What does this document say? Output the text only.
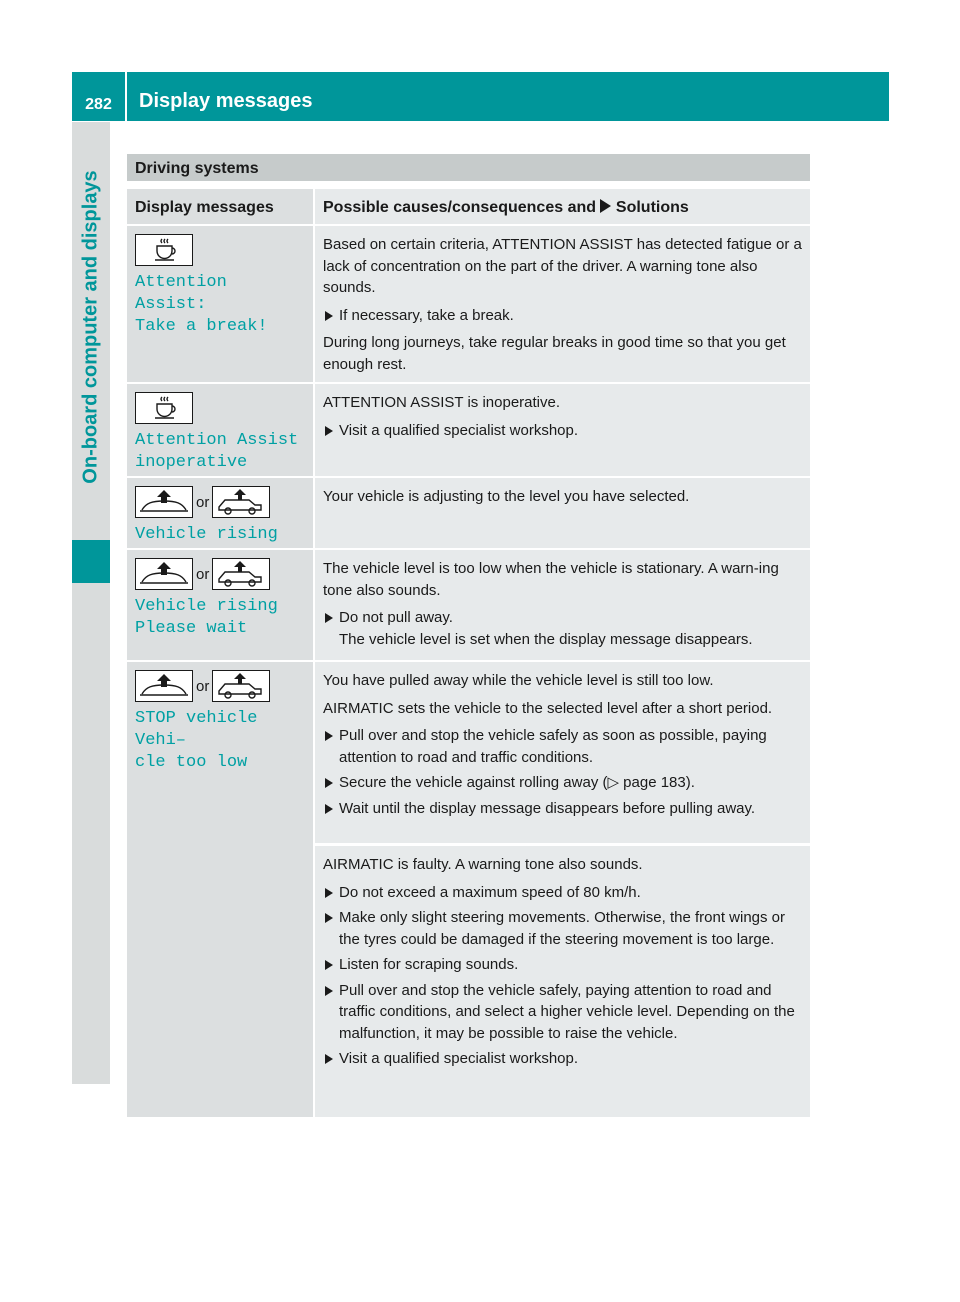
282	Display messages
On-board computer and displays
Driving systems
Display messages	Possible causes/consequences and  Solutions
Attention Assist:
Take a break!

Based on certain criteria, ATTENTION ASSIST has detected fatigue or a lack of concentration on the part of the driver. A warning tone also sounds.

If necessary, take a break.

During long journeys, take regular breaks in good time so that you get enough rest.

Attention Assist
inoperative

ATTENTION ASSIST is inoperative.

Visit a qualified specialist workshop.

or
Vehicle rising

Your vehicle is adjusting to the level you have selected.

or
Vehicle rising
Please wait

The vehicle level is too low when the vehicle is stationary. A warn-ing tone also sounds.

Do not pull away.

The vehicle level is set when the display message disappears.

or
STOP vehicle Vehi–
cle too low

You have pulled away while the vehicle level is still too low.

AIRMATIC sets the vehicle to the selected level after a short period.

Pull over and stop the vehicle safely as soon as possible, paying attention to road and traffic conditions.

Secure the vehicle against rolling away (▷ page 183).

Wait until the display message disappears before pulling away.

AIRMATIC is faulty. A warning tone also sounds.

Do not exceed a maximum speed of 80 km/h.

Make only slight steering movements. Otherwise, the front wings or the tyres could be damaged if the steering movement is too large.

Listen for scraping sounds.

Pull over and stop the vehicle safely, paying attention to road and traffic conditions, and select a higher vehicle level. Depending on the malfunction, it may be possible to raise the vehicle.

Visit a qualified specialist workshop.
